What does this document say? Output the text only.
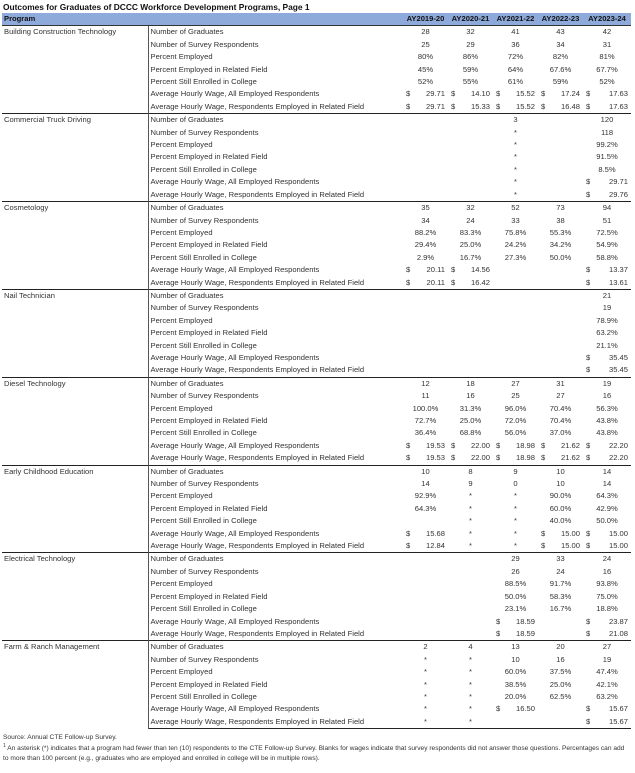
Outcomes for Graduates of DCCC Workforce Development Programs, Page 1
Program		AY2019-20	AY2020-21	AY2021-22	AY2022-23	AY2023-24
Building Construction Technology	Number of Graduates	28	32	41	43	42
	Number of Survey Respondents	25	29	36	34	31
	Percent Employed	80%	86%	72%	82%	81%
	Percent Employed in Related Field	45%	59%	64%	67.6%	67.7%
	Percent Still Enrolled in College	52%	55%	61%	59%	52%
	Average Hourly Wage, All Employed Respondents	$ 29.71	$ 14.10	$ 15.52	$ 17.24	$ 17.63

	Average Hourly Wage, Respondents Employed in Related Field	$ 29.71	$ 15.33	$ 15.52	$ 16.48	$ 17.63

Commercial Truck Driving	Number of Graduates			3		120
	Number of Survey Respondents			*		118
	Percent Employed			*		99.2%
	Percent Employed in Related Field			*		91.5%
	Percent Still Enrolled in College			*		8.5%
	Average Hourly Wage, All Employed Respondents			*		$ 29.71

	Average Hourly Wage, Respondents Employed in Related Field			*		$ 29.76

Cosmetology	Number of Graduates	35	32	52	73	94
	Number of Survey Respondents	34	24	33	38	51
	Percent Employed	88.2%	83.3%	75.8%	55.3%	72.5%
	Percent Employed in Related Field	29.4%	25.0%	24.2%	34.2%	54.9%
	Percent Still Enrolled in College	2.9%	16.7%	27.3%	50.0%	58.8%
	Average Hourly Wage, All Employed Respondents	$ 20.11	$ 14.56			$ 13.37

	Average Hourly Wage, Respondents Employed in Related Field	$ 20.11	$ 16.42			$ 13.61

Nail Technician	Number of Graduates					21
	Number of Survey Respondents					19
	Percent Employed					78.9%
	Percent Employed in Related Field					63.2%
	Percent Still Enrolled in College					21.1%
	Average Hourly Wage, All Employed Respondents					$ 35.45

	Average Hourly Wage, Respondents Employed in Related Field					$ 35.45

Diesel Technology	Number of Graduates	12	18	27	31	19
	Number of Survey Respondents	11	16	25	27	16
	Percent Employed	100.0%	31.3%	96.0%	70.4%	56.3%
	Percent Employed in Related Field	72.7%	25.0%	72.0%	70.4%	43.8%
	Percent Still Enrolled in College	36.4%	68.8%	56.0%	37.0%	43.8%
	Average Hourly Wage, All Employed Respondents	$ 19.53	$ 22.00	$ 18.98	$ 21.62	$ 22.20

	Average Hourly Wage, Respondents Employed in Related Field	$ 19.53	$ 22.00	$ 18.98	$ 21.62	$ 22.20

Early Childhood Education	Number of Graduates	10	8	9	10	14
	Number of Survey Respondents	14	9	0	10	14
	Percent Employed	92.9%	*	*	90.0%	64.3%
	Percent Employed in Related Field	64.3%	*	*	60.0%	42.9%
	Percent Still Enrolled in College		*	*	40.0%	50.0%
	Average Hourly Wage, All Employed Respondents	$ 15.68	*	*	$ 15.00	$ 15.00

	Average Hourly Wage, Respondents Employed in Related Field	$ 12.84	*	*	$ 15.00	$ 15.00

Electrical Technology	Number of Graduates			29	33	24
	Number of Survey Respondents			26	24	16
	Percent Employed			88.5%	91.7%	93.8%
	Percent Employed in Related Field			50.0%	58.3%	75.0%
	Percent Still Enrolled in College			23.1%	16.7%	18.8%
	Average Hourly Wage, All Employed Respondents			$ 18.59		$ 23.87

	Average Hourly Wage, Respondents Employed in Related Field			$ 18.59		$ 21.08

Farm & Ranch Management	Number of Graduates	2	4	13	20	27
	Number of Survey Respondents	*	*	10	16	19
	Percent Employed	*	*	60.0%	37.5%	47.4%
	Percent Employed in Related Field	*	*	38.5%	25.0%	42.1%
	Percent Still Enrolled in College	*	*	20.0%	62.5%	63.2%
	Average Hourly Wage, All Employed Respondents	*	*	$ 16.50		$ 15.67

	Average Hourly Wage, Respondents Employed in Related Field	*	*			$ 15.67
Source: Annual CTE Follow-up Survey.
$^1$ An asterisk (*) indicates that a program had fewer than ten (10) respondents to the CTE Follow-up Survey. Blanks for wages indicate that survey respondents did not answer those questions. Percentages can add to more than 100 percent (e.g., graduates who are employed and enrolled in college will be in multiple rows).
